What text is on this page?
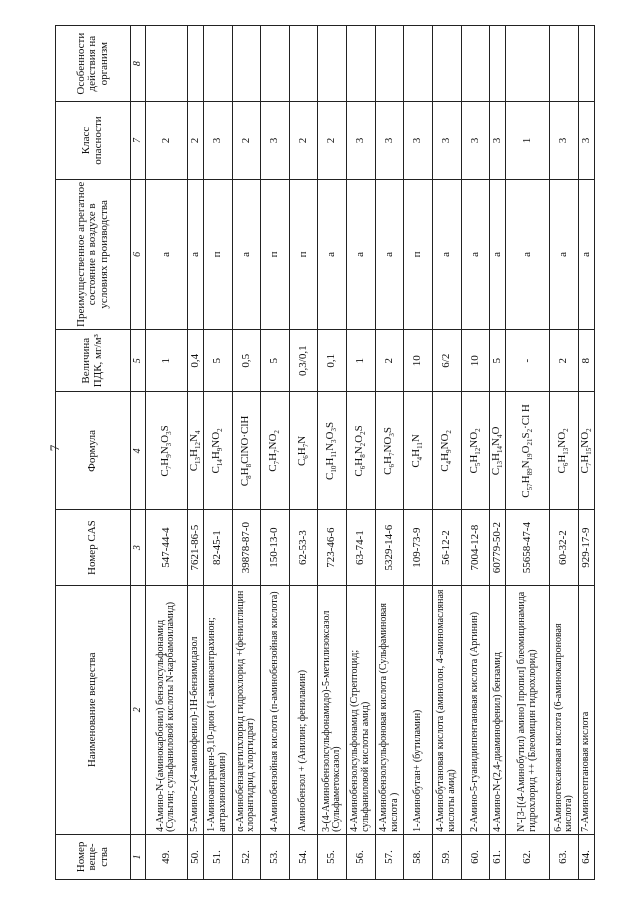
7
Номер веще-ства	Наименование вещества	Номер CAS	Формула	Величина ПДК, мг/м³	Преимущественное агрегатное состояние в воздухе в условиях производства	Класс опасности	Особенности действия на организм
1	2	3	4	5	6	7	8
49.	4-Амино-N-(аминокарбонил) бензолсульфонамид (Сульгин; сульфаниловой кислоты N-карбамоиламид)	547-44-4	$C_7H_9N_3O_3S$	1	а	2	
50.	5-Амино-2-(4-аминофенил)-1Н-бензимидазол	7621-86-5	$C_{13}H_{12}N_4$	0,4	а	2	
51.	1-Аминоантрацен-9,10-дион (1-аминоантрахинон; антрахиноиламин)	82-45-1	$C_{14}H_9NO_2$	5	п	3	
52.	α-Аминобензацетилхлорид гидрохлорид +(фенилглицин хлорангидрид хлоргидрат)	39878-87-0	$C_8H_8ClNO\cdot ClH$	0,5	а	2	
53.	4-Аминобензойная кислота (п-аминобензойная кислота)	150-13-0	$C_7H_7NO_2$	5	п	3	
54.	Аминобензол + (Анилин; фениламин)	62-53-3	$C_6H_7N$	0,3/0,1	п	2	
55.	3-(4-Аминобензолсульфонамидо)-5-метилизоксазол (Сульфаметоксазол)	723-46-6	$C_{10}H_{11}N_3O_3S$	0,1	а	2	
56.	4-Аминобензолсульфонамид (Стрептоцид; сульфаниловой кислоты амид)	63-74-1	$C_6H_8N_2O_2S$	1	а	3	
57.	4-Аминобензолсульфоновая кислота (Сульфаминовая кислота )	5329-14-6	$C_6H_7NO_3S$	2	а	3	
58.	1-Аминобутан+ (бутиламин)	109-73-9	$C_4H_{11}N$	10	п	3	
59.	4-Аминобутановая кислота (аминолон, 4-аминомасляная кислоты амид)	56-12-2	$C_4H_9NO_2$	6/2	а	3	
60.	2-Амино-5-гуанидинпентановая кислота (Аргинин)	7004-12-8	$C_5H_{12}NO_2$	10	а	3	
61.	4-Амино-N-(2,4-диаминофенил) бензамид	60779-50-2	$C_{13}H_{14}N_4O$	5	а	3	
62.	N'-[3-[(4-Аминобутил) амино] пропил] блеомицинамида гидрохлорид ++ (Блеомицин гидрохлорид)	55658-47-4	$C_{57}H_{89}N_{19}O_{21}S_2\cdot Cl$ H	-	а	1	
63.	6-Аминогексановая кислота (6-аминокапроновая кислота)	60-32-2	$C_6H_{13}NO_2$	2	а	3	
64.	7-Аминогептановая кислота	929-17-9	$C_7H_{15}NO_2$	8	а	3	
